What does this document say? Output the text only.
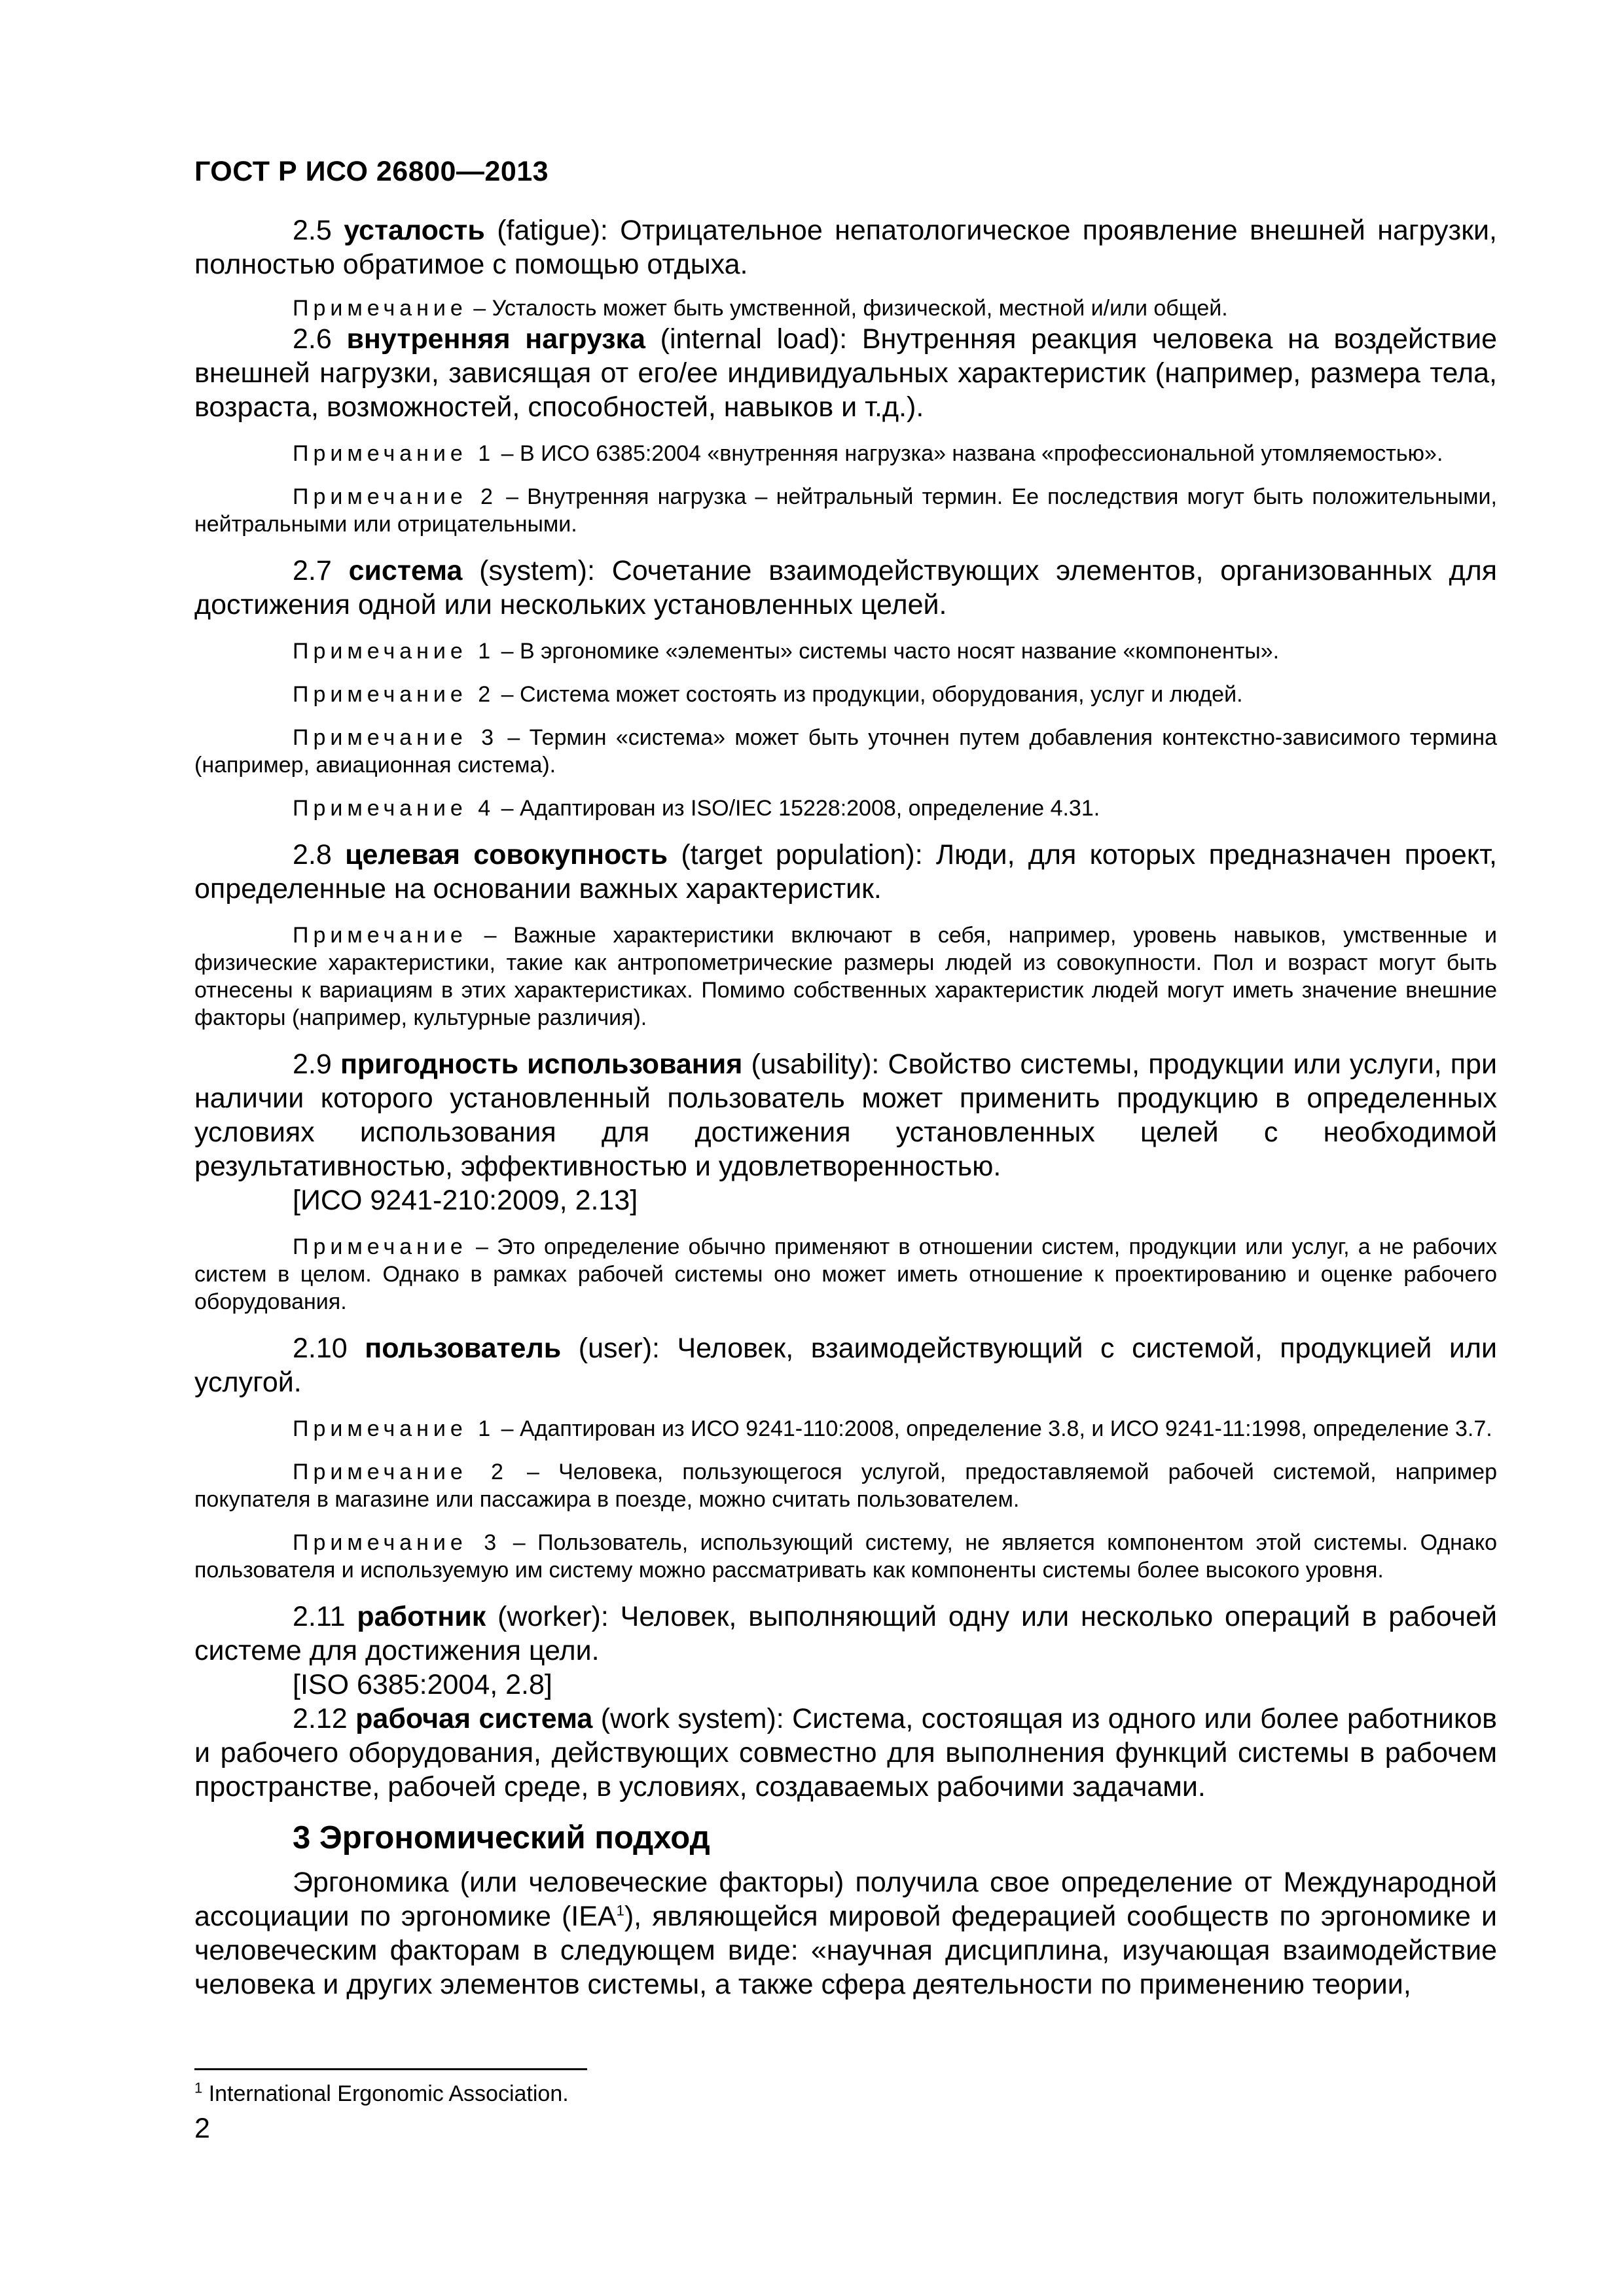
ГОСТ Р ИСО 26800—2013

2.5 усталость (fatigue): Отрицательное непатологическое проявление внешней нагрузки, полностью обратимое с помощью отдыха.

Примечание – Усталость может быть умственной, физической, местной и/или общей.

2.6 внутренняя нагрузка (internal load): Внутренняя реакция человека на воздействие внешней нагрузки, зависящая от его/ее индивидуальных характеристик (например, размера тела, возраста, возможностей, способностей, навыков и т.д.).

Примечание 1 – В ИСО 6385:2004 «внутренняя нагрузка» названа «профессиональной утомляемостью».

Примечание 2 – Внутренняя нагрузка – нейтральный термин. Ее последствия могут быть положительными, нейтральными или отрицательными.

2.7 система (system): Сочетание взаимодействующих элементов, организованных для достижения одной или нескольких установленных целей.

Примечание 1 – В эргономике «элементы» системы часто носят название «компоненты».

Примечание 2 – Система может состоять из продукции, оборудования, услуг и людей.

Примечание 3 – Термин «система» может быть уточнен путем добавления контекстно-зависимого термина (например, авиационная система).

Примечание 4 – Адаптирован из ISO/IEC 15228:2008, определение 4.31.

2.8 целевая совокупность (target population): Люди, для которых предназначен проект, определенные на основании важных характеристик.

Примечание – Важные характеристики включают в себя, например, уровень навыков, умственные и физические характеристики, такие как антропометрические размеры людей из совокупности. Пол и возраст могут быть отнесены к вариациям в этих характеристиках. Помимо собственных характеристик людей могут иметь значение внешние факторы (например, культурные различия).

2.9 пригодность использования (usability): Свойство системы, продукции или услуги, при наличии которого установленный пользователь может применить продукцию в определенных условиях использования для достижения установленных целей с необходимой результативностью, эффективностью и удовлетворенностью.

[ИСО 9241-210:2009, 2.13]

Примечание – Это определение обычно применяют в отношении систем, продукции или услуг, а не рабочих систем в целом. Однако в рамках рабочей системы оно может иметь отношение к проектированию и оценке рабочего оборудования.

2.10 пользователь (user): Человек, взаимодействующий с системой, продукцией или услугой.

Примечание 1 – Адаптирован из ИСО 9241-110:2008, определение 3.8, и ИСО 9241-11:1998, определение 3.7.

Примечание 2 – Человека, пользующегося услугой, предоставляемой рабочей системой, например покупателя в магазине или пассажира в поезде, можно считать пользователем.

Примечание 3 – Пользователь, использующий систему, не является компонентом этой системы. Однако пользователя и используемую им систему можно рассматривать как компоненты системы более высокого уровня.

2.11 работник (worker): Человек, выполняющий одну или несколько операций в рабочей системе для достижения цели.

[ISO 6385:2004, 2.8]

2.12 рабочая система (work system): Система, состоящая из одного или более работников и рабочего оборудования, действующих совместно для выполнения функций системы в рабочем пространстве, рабочей среде, в условиях, создаваемых рабочими задачами.

3 Эргономический подход

Эргономика (или человеческие факторы) получила свое определение от Международной ассоциации по эргономике (IEA$^1$), являющейся мировой федерацией сообществ по эргономике и человеческим факторам в следующем виде: «научная дисциплина, изучающая взаимодействие человека и других элементов системы, а также сфера деятельности по применению теории,

$^1$ International Ergonomic Association.
2
